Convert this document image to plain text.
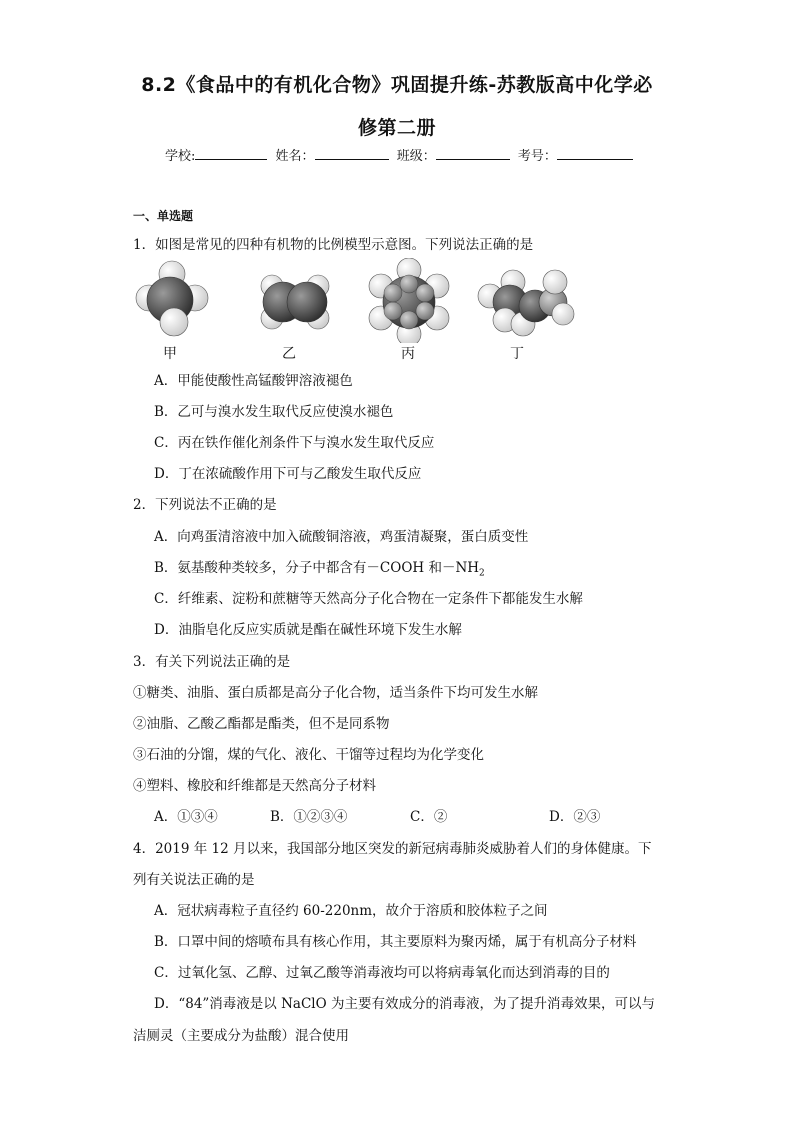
8.2《食品中的有机化合物》巩固提升练-苏教版高中化学必
修第二册
学校:	姓名：	班级：	考号：
一、单选题
1．如图是常见的四种有机物的比例模型示意图。下列说法正确的是
甲	乙	丙	丁
A．甲能使酸性高锰酸钾溶液褪色
B．乙可与溴水发生取代反应使溴水褪色
C．丙在铁作催化剂条件下与溴水发生取代反应
D．丁在浓硫酸作用下可与乙酸发生取代反应
2．下列说法不正确的是
A．向鸡蛋清溶液中加入硫酸铜溶液，鸡蛋清凝聚，蛋白质变性
B．氨基酸种类较多，分子中都含有－COOH 和$-NH_2$
C．纤维素、淀粉和蔗糖等天然高分子化合物在一定条件下都能发生水解
D．油脂皂化反应实质就是酯在碱性环境下发生水解
3．有关下列说法正确的是
①糖类、油脂、蛋白质都是高分子化合物，适当条件下均可发生水解
②油脂、乙酸乙酯都是酯类，但不是同系物
③石油的分馏，煤的气化、液化、干馏等过程均为化学变化
④塑料、橡胶和纤维都是天然高分子材料
A．①③④	B．①②③④	C．②	D．②③
4．2019 年 12 月以来，我国部分地区突发的新冠病毒肺炎威胁着人们的身体健康。下
列有关说法正确的是
A．冠状病毒粒子直径约 60-220nm，故介于溶质和胶体粒子之间
B．口罩中间的熔喷布具有核心作用，其主要原料为聚丙烯，属于有机高分子材料
C．过氧化氢、乙醇、过氧乙酸等消毒液均可以将病毒氧化而达到消毒的目的
D．“84”消毒液是以 NaClO 为主要有效成分的消毒液，为了提升消毒效果，可以与
洁厕灵（主要成分为盐酸）混合使用
